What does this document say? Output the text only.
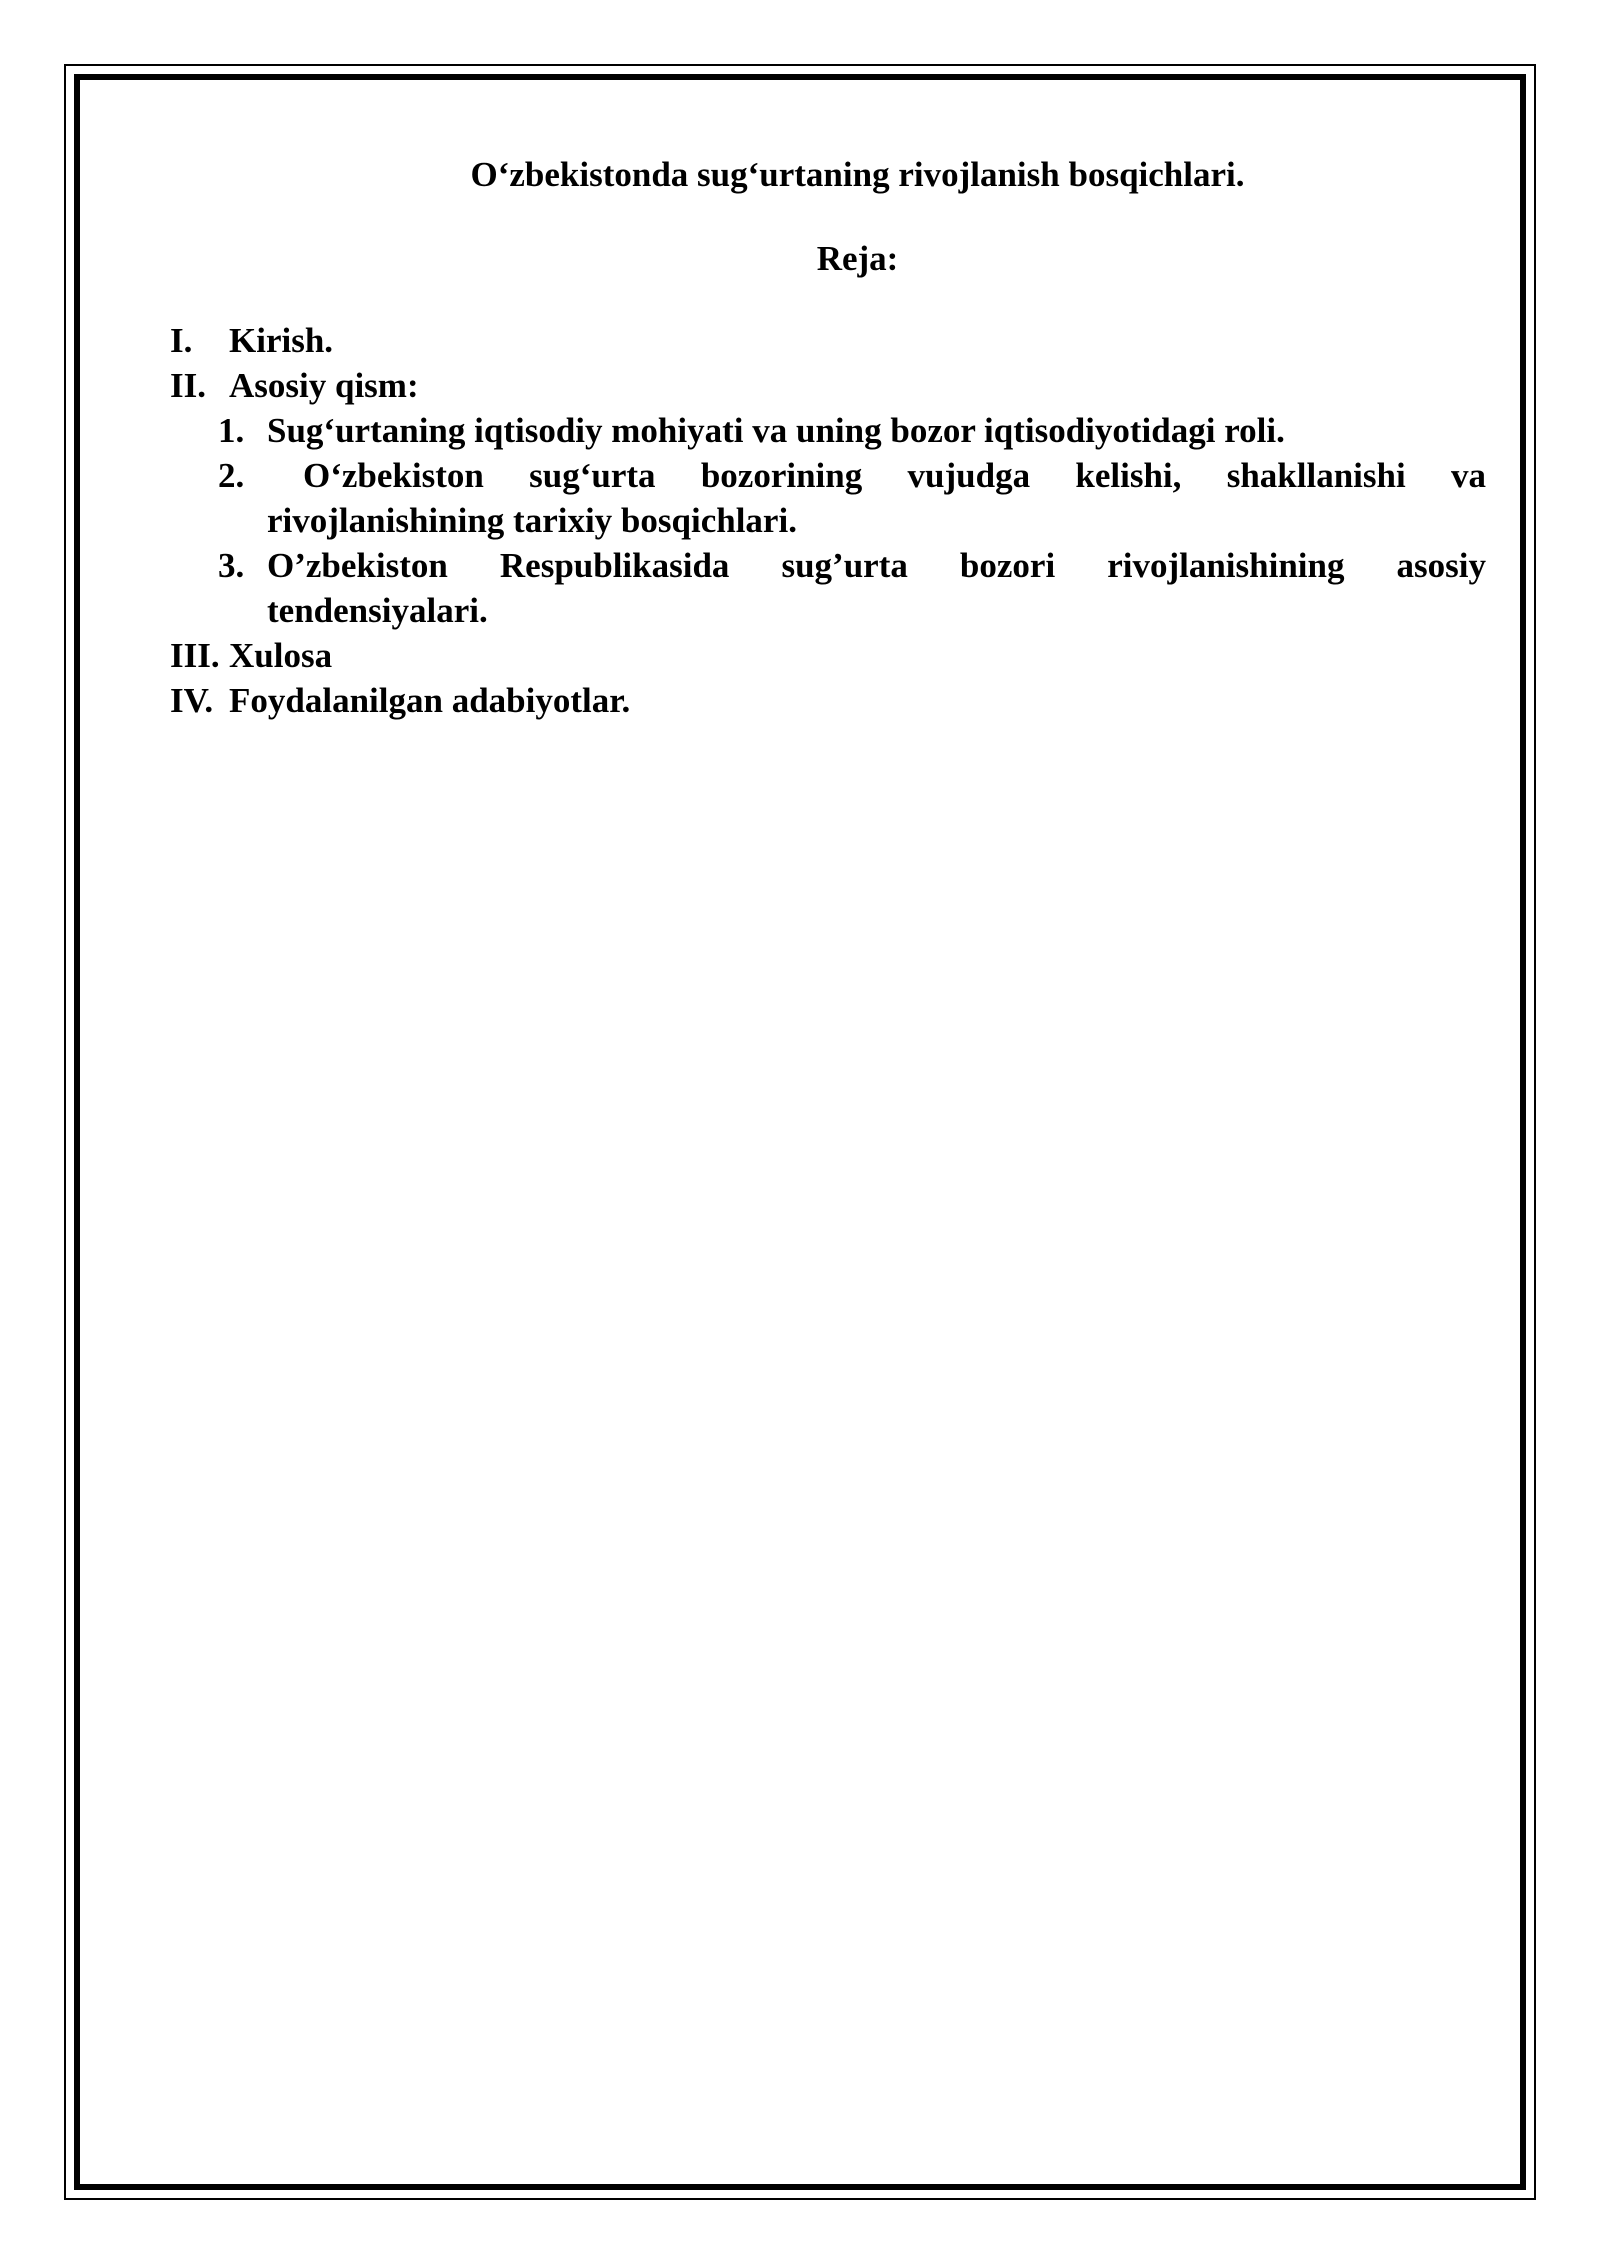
O‘zbekistonda sug‘urtaning rivojlanish bosqichlari.
Reja:
I. Kirish.
II. Asosiy qism:
1. Sug‘urtaning iqtisodiy mohiyati va uning bozor iqtisodiyotidagi roli.
2.	O‘zbekiston sug‘urta bozorining vujudga kelishi, shakllanishi va rivojlanishining tarixiy bosqichlari.
3. O’zbekiston Respublikasida sug’urta bozori rivojlanishining asosiy tendensiyalari.
III. Xulosa
IV. Foydalanilgan adabiyotlar.
